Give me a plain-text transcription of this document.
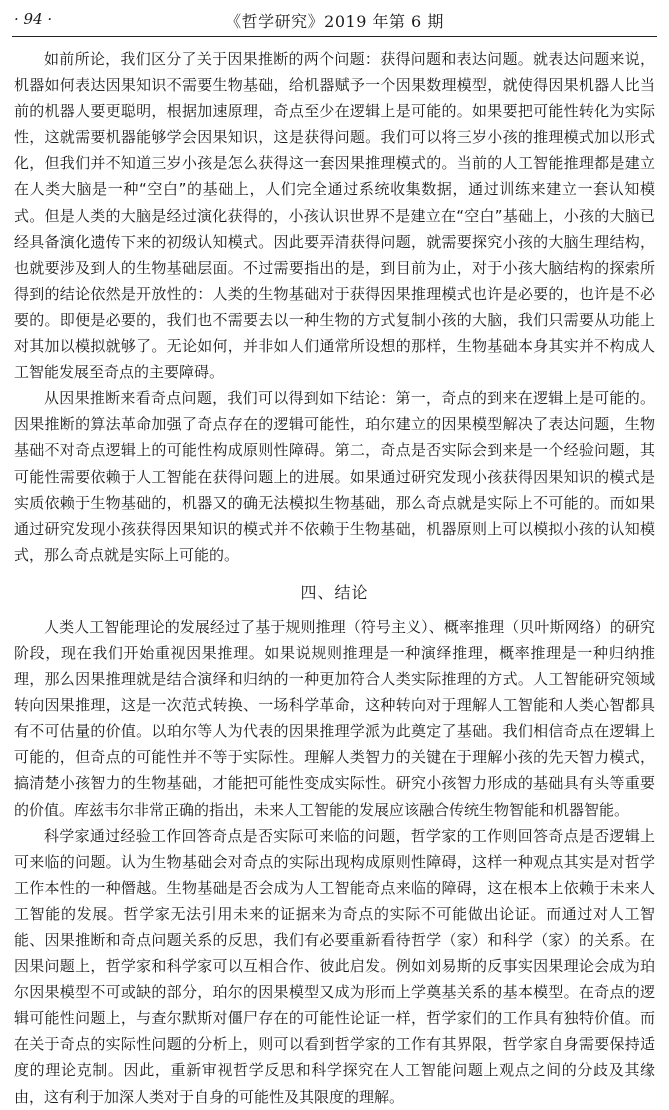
· 94 ·	《哲学研究》2019 年第 6 期

如前所论，我们区分了关于因果推断的两个问题：获得问题和表达问题。就表达问题来说，机器如何表达因果知识不需要生物基础，给机器赋予一个因果数理模型，就使得因果机器人比当前的机器人要更聪明，根据加速原理，奇点至少在逻辑上是可能的。如果要把可能性转化为实际性，这就需要机器能够学会因果知识，这是获得问题。我们可以将三岁小孩的推理模式加以形式化，但我们并不知道三岁小孩是怎么获得这一套因果推理模式的。当前的人工智能推理都是建立在人类大脑是一种“空白”的基础上，人们完全通过系统收集数据，通过训练来建立一套认知模式。但是人类的大脑是经过演化获得的，小孩认识世界不是建立在“空白”基础上，小孩的大脑已经具备演化遗传下来的初级认知模式。因此要弄清获得问题，就需要探究小孩的大脑生理结构，也就要涉及到人的生物基础层面。不过需要指出的是，到目前为止，对于小孩大脑结构的探索所得到的结论依然是开放性的：人类的生物基础对于获得因果推理模式也许是必要的，也许是不必要的。即便是必要的，我们也不需要去以一种生物的方式复制小孩的大脑，我们只需要从功能上对其加以模拟就够了。无论如何，并非如人们通常所设想的那样，生物基础本身其实并不构成人工智能发展至奇点的主要障碍。

从因果推断来看奇点问题，我们可以得到如下结论：第一，奇点的到来在逻辑上是可能的。因果推断的算法革命加强了奇点存在的逻辑可能性，珀尔建立的因果模型解决了表达问题，生物基础不对奇点逻辑上的可能性构成原则性障碍。第二，奇点是否实际会到来是一个经验问题，其可能性需要依赖于人工智能在获得问题上的进展。如果通过研究发现小孩获得因果知识的模式是实质依赖于生物基础的，机器又的确无法模拟生物基础，那么奇点就是实际上不可能的。而如果通过研究发现小孩获得因果知识的模式并不依赖于生物基础，机器原则上可以模拟小孩的认知模式，那么奇点就是实际上可能的。

四、结论

人类人工智能理论的发展经过了基于规则推理（符号主义）、概率推理（贝叶斯网络）的研究阶段，现在我们开始重视因果推理。如果说规则推理是一种演绎推理，概率推理是一种归纳推理，那么因果推理就是结合演绎和归纳的一种更加符合人类实际推理的方式。人工智能研究领域转向因果推理，这是一次范式转换、一场科学革命，这种转向对于理解人工智能和人类心智都具有不可估量的价值。以珀尔等人为代表的因果推理学派为此奠定了基础。我们相信奇点在逻辑上可能的，但奇点的可能性并不等于实际性。理解人类智力的关键在于理解小孩的先天智力模式，搞清楚小孩智力的生物基础，才能把可能性变成实际性。研究小孩智力形成的基础具有头等重要的价值。库兹韦尔非常正确的指出，未来人工智能的发展应该融合传统生物智能和机器智能。

科学家通过经验工作回答奇点是否实际可来临的问题，哲学家的工作则回答奇点是否逻辑上可来临的问题。认为生物基础会对奇点的实际出现构成原则性障碍，这样一种观点其实是对哲学工作本性的一种僭越。生物基础是否会成为人工智能奇点来临的障碍，这在根本上依赖于未来人工智能的发展。哲学家无法引用未来的证据来为奇点的实际不可能做出论证。而通过对人工智能、因果推断和奇点问题关系的反思，我们有必要重新看待哲学（家）和科学（家）的关系。在因果问题上，哲学家和科学家可以互相合作、彼此启发。例如刘易斯的反事实因果理论会成为珀尔因果模型不可或缺的部分，珀尔的因果模型又成为形而上学奠基关系的基本模型。在奇点的逻辑可能性问题上，与查尔默斯对僵尸存在的可能性论证一样，哲学家们的工作具有独特价值。而在关于奇点的实际性问题的分析上，则可以看到哲学家的工作有其界限，哲学家自身需要保持适度的理论克制。因此，重新审视哲学反思和科学探究在人工智能问题上观点之间的分歧及其缘由，这有利于加深人类对于自身的可能性及其限度的理解。
